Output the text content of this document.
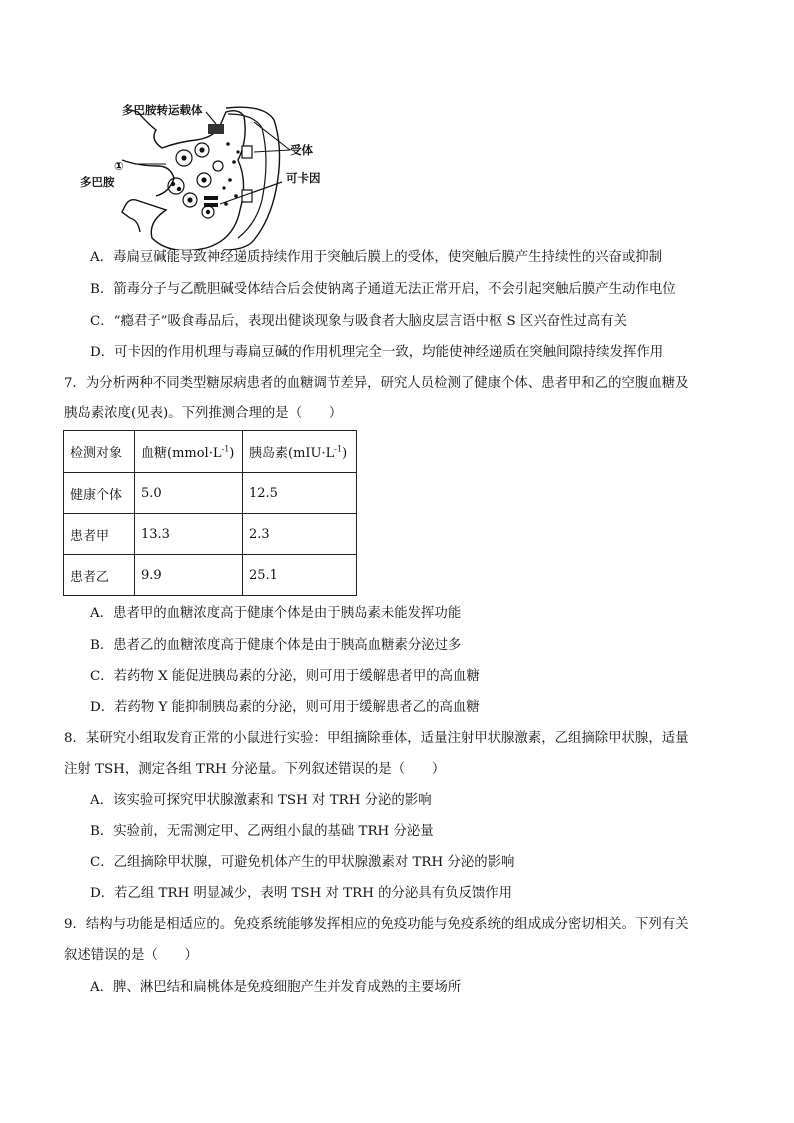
多巴胺转运载体
受体
①
多巴胺	可卡因
A．毒扁豆碱能导致神经递质持续作用于突触后膜上的受体，使突触后膜产生持续性的兴奋或抑制
B．箭毒分子与乙酰胆碱受体结合后会使钠离子通道无法正常开启，不会引起突触后膜产生动作电位
C．“瘾君子”吸食毒品后，表现出健谈现象与吸食者大脑皮层言语中枢 S 区兴奋性过高有关
D．可卡因的作用机理与毒扁豆碱的作用机理完全一致，均能使神经递质在突触间隙持续发挥作用
7．为分析两种不同类型糖尿病患者的血糖调节差异，研究人员检测了健康个体、患者甲和乙的空腹血糖及
胰岛素浓度(见表)。下列推测合理的是（　　）
检测对象	血糖$(mmol\cdot L^{-1})$	胰岛素$(mIU\cdot L^{-1})$
健康个体	5.0	12.5
患者甲	13.3	2.3
患者乙	9.9	25.1
A．患者甲的血糖浓度高于健康个体是由于胰岛素未能发挥功能
B．患者乙的血糖浓度高于健康个体是由于胰高血糖素分泌过多
C．若药物 X 能促进胰岛素的分泌，则可用于缓解患者甲的高血糖
D．若药物 Y 能抑制胰岛素的分泌，则可用于缓解患者乙的高血糖
8．某研究小组取发育正常的小鼠进行实验：甲组摘除垂体，适量注射甲状腺激素，乙组摘除甲状腺，适量
注射 TSH，测定各组 TRH 分泌量。下列叙述错误的是（　　）
A．该实验可探究甲状腺激素和 TSH 对 TRH 分泌的影响
B．实验前，无需测定甲、乙两组小鼠的基础 TRH 分泌量
C．乙组摘除甲状腺，可避免机体产生的甲状腺激素对 TRH 分泌的影响
D．若乙组 TRH 明显减少，表明 TSH 对 TRH 的分泌具有负反馈作用
9．结构与功能是相适应的。免疫系统能够发挥相应的免疫功能与免疫系统的组成成分密切相关。下列有关
叙述错误的是（　　）
A．脾、淋巴结和扁桃体是免疫细胞产生并发育成熟的主要场所
